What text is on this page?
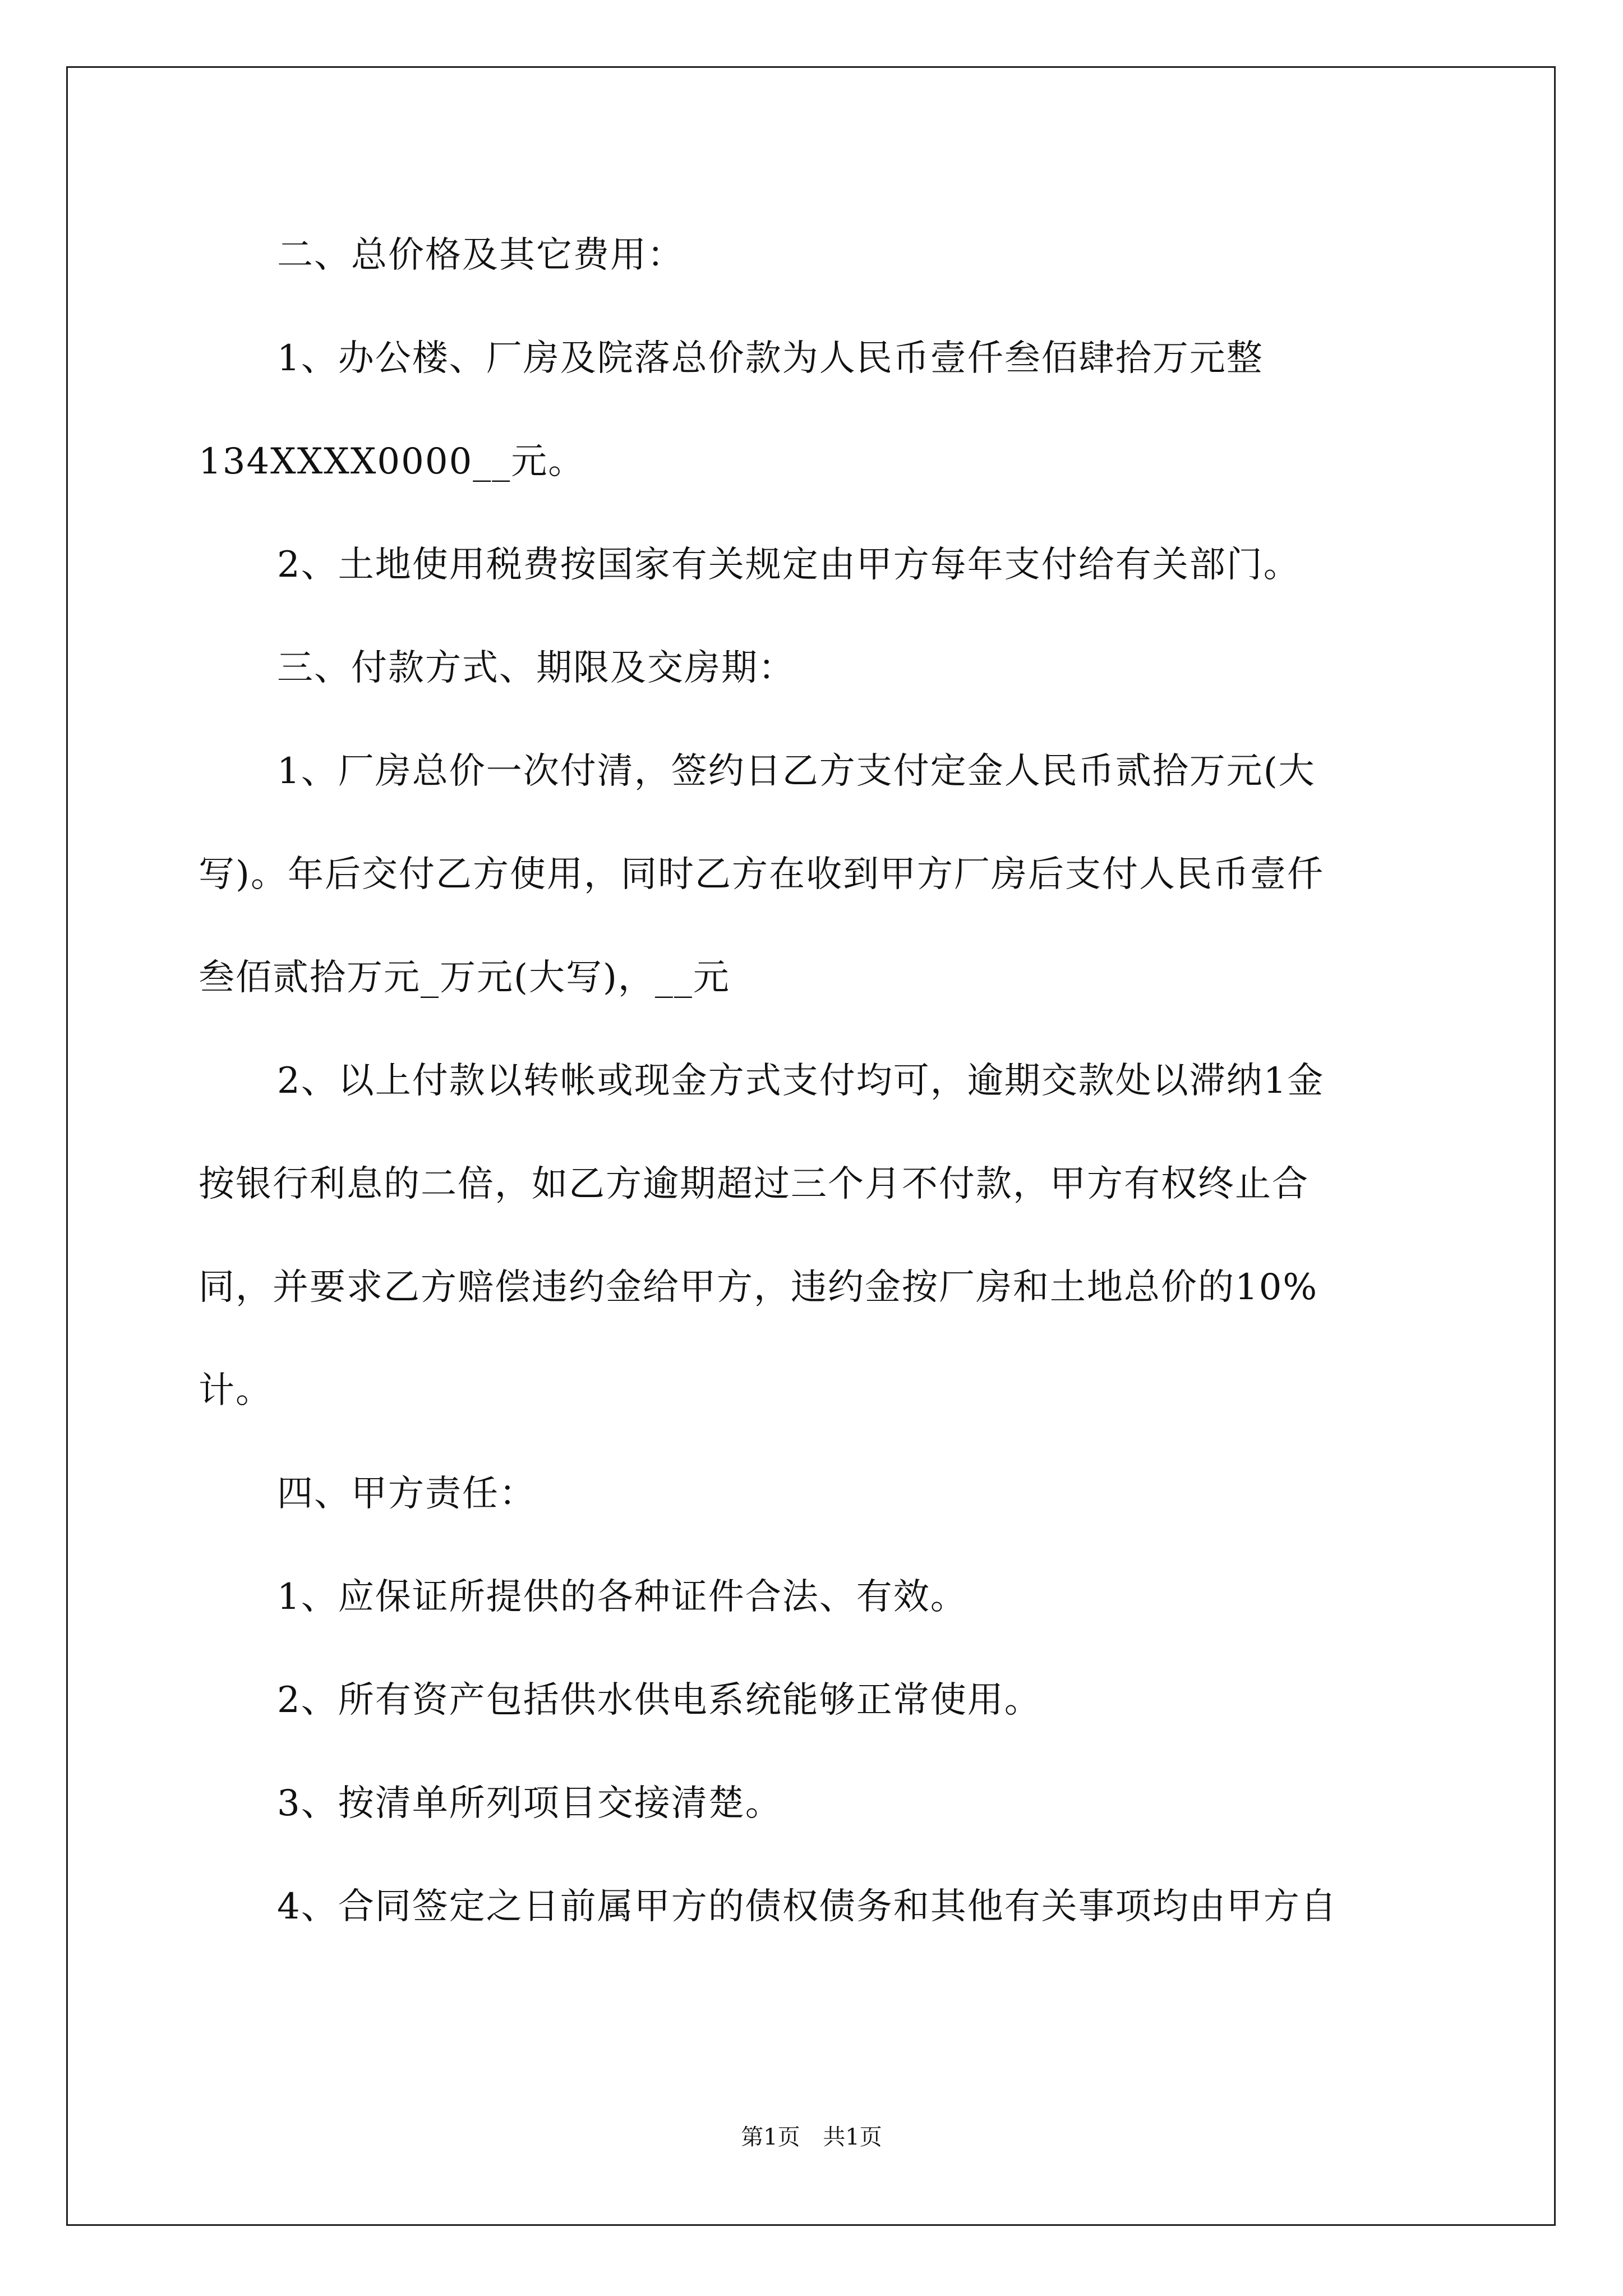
二、总价格及其它费用：
1、办公楼、厂房及院落总价款为人民币壹仟叁佰肆拾万元整
134XXXX0000__元。
2、土地使用税费按国家有关规定由甲方每年支付给有关部门。
三、付款方式、期限及交房期：
1、厂房总价一次付清，签约日乙方支付定金人民币贰拾万元(大
写)。年后交付乙方使用，同时乙方在收到甲方厂房后支付人民币壹仟
叁佰贰拾万元_万元(大写)，__元
2、以上付款以转帐或现金方式支付均可，逾期交款处以滞纳1金
按银行利息的二倍，如乙方逾期超过三个月不付款，甲方有权终止合
同，并要求乙方赔偿违约金给甲方，违约金按厂房和土地总价的10%
计。
四、甲方责任：
1、应保证所提供的各种证件合法、有效。
2、所有资产包括供水供电系统能够正常使用。
3、按清单所列项目交接清楚。
4、合同签定之日前属甲方的债权债务和其他有关事项均由甲方自
第1页 共1页
